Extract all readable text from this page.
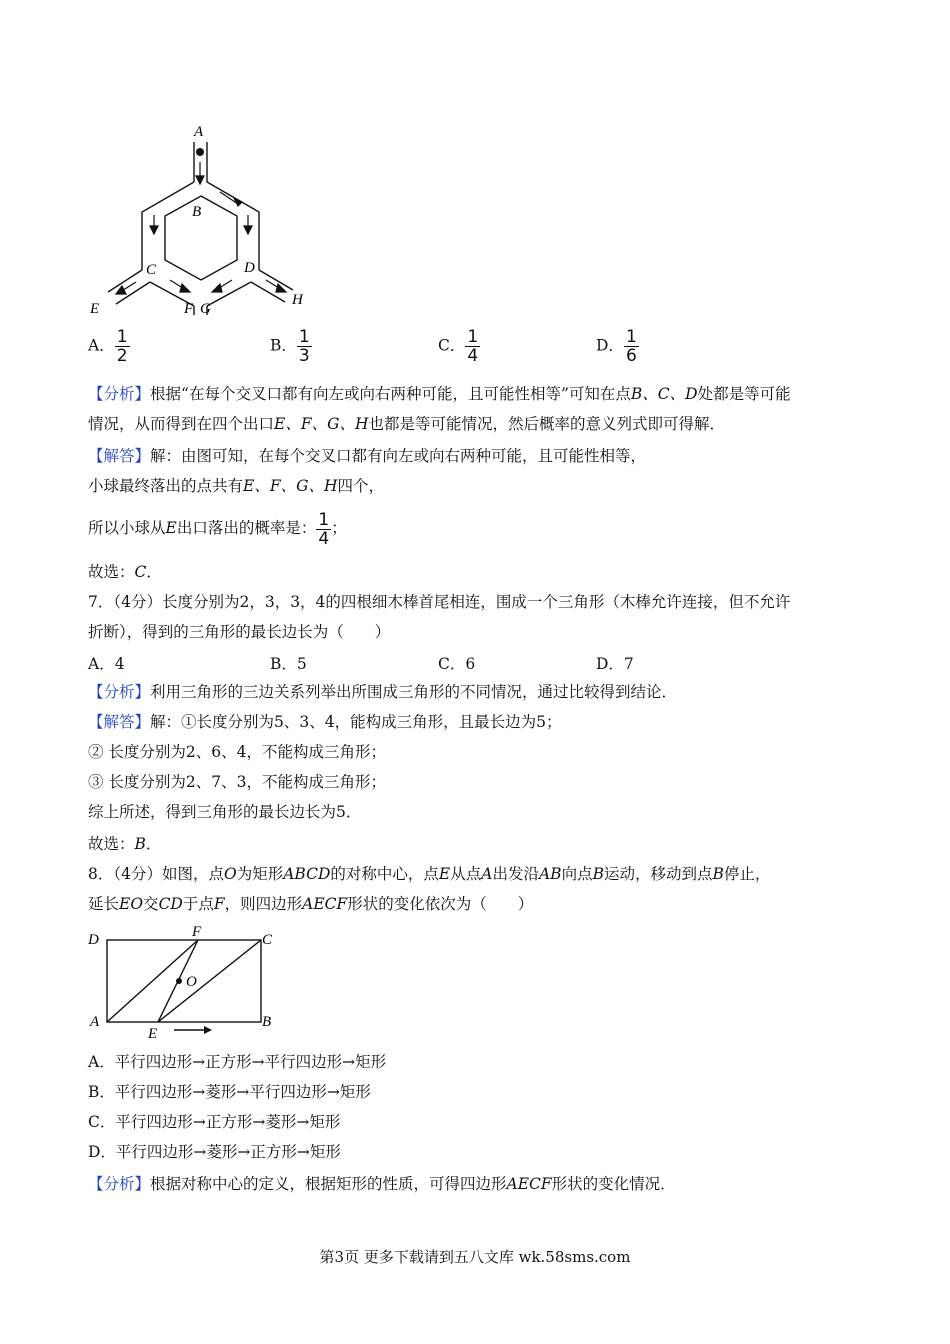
A
B
C	D
E	F G
H
A． $\frac{1}{2}$	B． $\frac{1}{3}$	C． $\frac{1}{4}$	D． $\frac{1}{6}$
【分析】根据“在每个交叉口都有向左或向右两种可能，且可能性相等”可知在点B、C、D处都是等可能
情况，从而得到在四个出口E、F、G、H也都是等可能情况，然后概率的意义列式即可得解．
【解答】解：由图可知，在每个交叉口都有向左或向右两种可能，且可能性相等，
小球最终落出的点共有E、F、G、H四个，
所以小球从E出口落出的概率是： $\frac{1}{4}$ ；
故选：C．
7．（4分）长度分别为2，3，3，4的四根细木棒首尾相连，围成一个三角形（木棒允许连接，但不允许
折断），得到的三角形的最长边长为（　　）
A．4	B．5	C．6	D．7
【分析】利用三角形的三边关系列举出所围成三角形的不同情况，通过比较得到结论．
【解答】解：①长度分别为5、3、4，能构成三角形，且最长边为5；
② 长度分别为2、6、4，不能构成三角形；
③ 长度分别为2、7、3，不能构成三角形；
综上所述，得到三角形的最长边长为5．
故选：B．
8．（4分）如图，点O为矩形ABCD的对称中心，点E从点A出发沿AB向点B运动，移动到点B停止，
延长EO交CD于点F，则四边形AECF形状的变化依次为（　　）
D	F	C
O
A
E
B
A．平行四边形→正方形→平行四边形→矩形
B．平行四边形→菱形→平行四边形→矩形
C．平行四边形→正方形→菱形→矩形
D．平行四边形→菱形→正方形→矩形
【分析】根据对称中心的定义，根据矩形的性质，可得四边形AECF形状的变化情况．
第3页 更多下载请到五八文库 wk.58sms.com
